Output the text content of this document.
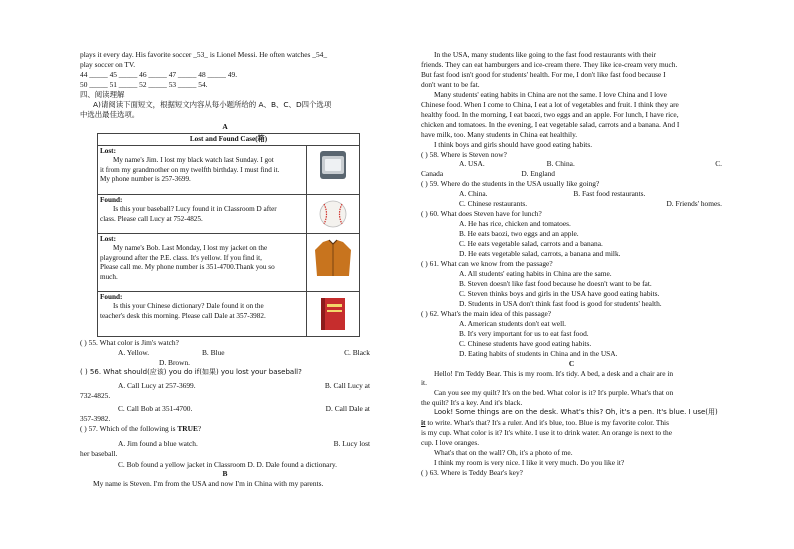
plays it every day. His favorite soccer _53_ is Lionel Messi. He often watches _54_
play soccer on TV.
44 _____ 45 _____ 46 _____ 47 _____ 48 _____ 49.
50 _____ 51 _____ 52 _____ 53 _____ 54.
四、阅读理解
A)请阅读下面短文，根据短文内容从每小题所给的 A、B、C、D四个选项
中选出最佳选项。
A
Lost and Found Case(箱)	

Lost:
My name's Jim. I lost my black watch last Sunday. I got
it from my grandmother on my twelfth birthday. I must find it.
My phone number is 257-3699.

Found:
Is this your baseball? Lucy found it in Classroom D after
class. Please call Lucy at 752-4825.

Lost:
My name's Bob. Last Monday, I lost my jacket on the
playground after the P.E. class. It's yellow. If you find it,
Please call me. My phone number is 351-4700.Thank you so
much.

Found:
Is this your Chinese dictionary? Dale found it on the
teacher's desk this morning. Please call Dale at 357-3982.

( ) 55. What color is Jim's watch?
A. Yellow.	B. Blue	C. Black
D. Brown.
( ) 56. What should(应该) you do if(如果) you lost your baseball?
A. Call Lucy at 257-3699.	B. Call Lucy at
732-4825.
C. Call Bob at 351-4700.	D. Call Dale at
357-3982.
( ) 57. Which of the following is TRUE?
A. Jim found a blue watch.	B. Lucy lost
her baseball.
C. Bob found a yellow jacket in Classroom D. D. Dale found a dictionary.
B
My name is Steven. I'm from the USA and now I'm in China with my parents.
In the USA, many students like going to the fast food restaurants with their
friends. They can eat hamburgers and ice-cream there. They like ice-cream very much.
But fast food isn't good for students' health. For me, I don't like fast food because I
don't want to be fat.
Many students' eating habits in China are not the same. I love China and I love
Chinese food. When I come to China, I eat a lot of vegetables and fruit. I think they are
healthy food. In the morning, I eat baozi, two eggs and an apple. For lunch, I have rice,
chicken and tomatoes. In the evening, I eat vegetable salad, carrots and a banana. And I
have milk, too. Many students in China eat healthily.
I think boys and girls should have good eating habits.
( ) 58. Where is Steven now?
A. USA.	B. China.	C.
Canada	D. England
( ) 59. Where do the students in the USA usually like going?
A. China.	B. Fast food restaurants.
C. Chinese restaurants.	D. Friends' homes.
( ) 60. What does Steven have for lunch?
A. He has rice, chicken and tomatoes.
B. He eats baozi, two eggs and an apple.
C. He eats vegetable salad, carrots and a banana.
D. He eats vegetable salad, carrots, a banana and milk.
( ) 61. What can we know from the passage?
A. All students' eating habits in China are the same.
B. Steven doesn't like fast food because he doesn't want to be fat.
C. Steven thinks boys and girls in the USA have good eating habits.
D. Students in USA don't think fast food is good for students' health.
( ) 62. What's the main idea of this passage?
A. American students don't eat well.
B. It's very important for us to eat fast food.
C. Chinese students have good eating habits.
D. Eating habits of students in China and in the USA.
C
Hello! I'm Teddy Bear. This is my room. It's tidy. A bed, a desk and a chair are in
it.
Can you see my quilt? It's on the bed. What color is it? It's purple. What's that on
the quilt? It's a key. And it's black.
Look! Some things are on the desk. What's this? Oh, it's a pen. It's blue. I use(用)
it to write. What's that? It's a ruler. And it's blue, too. Blue is my favorite color. This
is my cup. What color is it? It's white. I use it to drink water. An orange is next to the
cup. I love oranges.
What's that on the wall? Oh, it's a photo of me.
I think my room is very nice. I like it very much. Do you like it?
( ) 63. Where is Teddy Bear's key?
